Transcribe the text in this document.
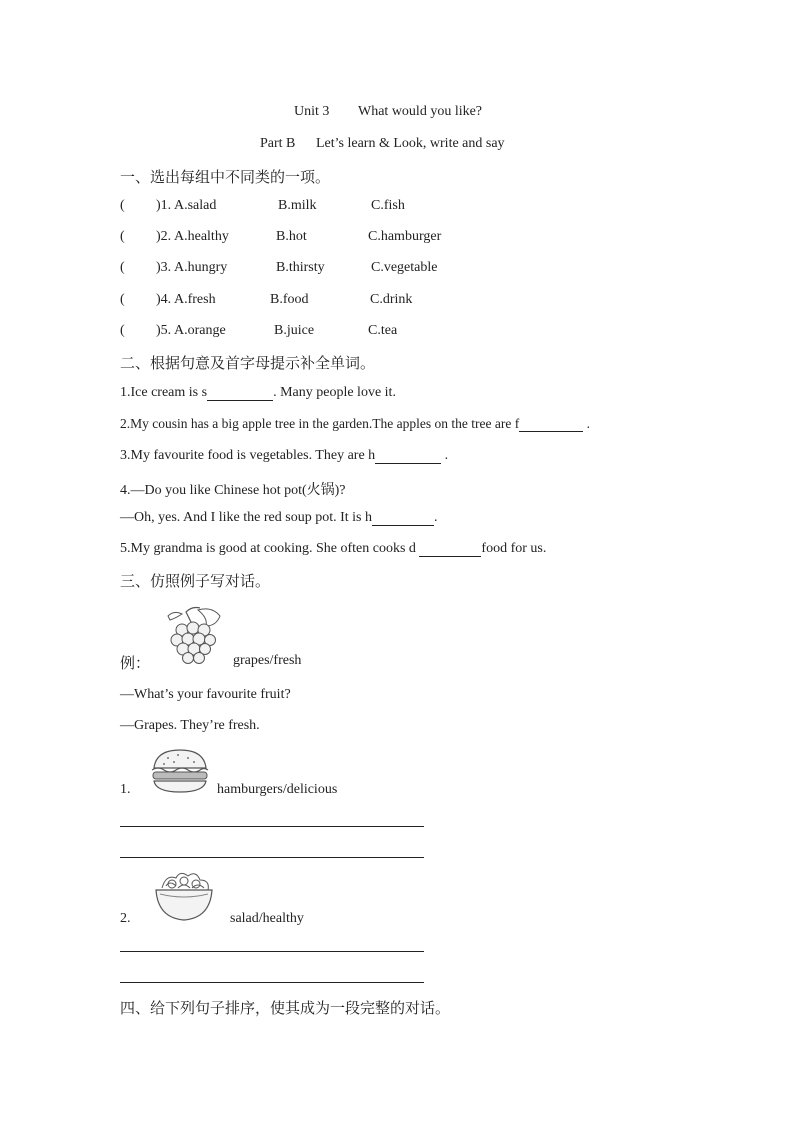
Unit 3 What would you like?
Part B Let’s learn & Look, write and say
一、选出每组中不同类的一项。
( )1. A.salad	B.milk	C.fish
( )2. A.healthy	B.hot	C.hamburger
( )3. A.hungry	B.thirsty	C.vegetable
( )4. A.fresh	B.food	C.drink
( )5. A.orange	B.juice	C.tea
二、根据句意及首字母提示补全单词。
1.Ice cream is s	. Many people love it.
2.My cousin has a big apple tree in the garden.The apples on the tree are f	.
3.My favourite food is vegetables. They are h	.
4.—Do you like Chinese hot pot(火锅)?
—Oh, yes. And I like the red soup pot. It is h	.
5.My grandma is good at cooking. She often cooks d	food for us.
三、仿照例子写对话。
例：	grapes/fresh
—What’s your favourite fruit?
—Grapes. They’re fresh.
1.	hamburgers/delicious
2.	salad/healthy
四、给下列句子排序，使其成为一段完整的对话。
